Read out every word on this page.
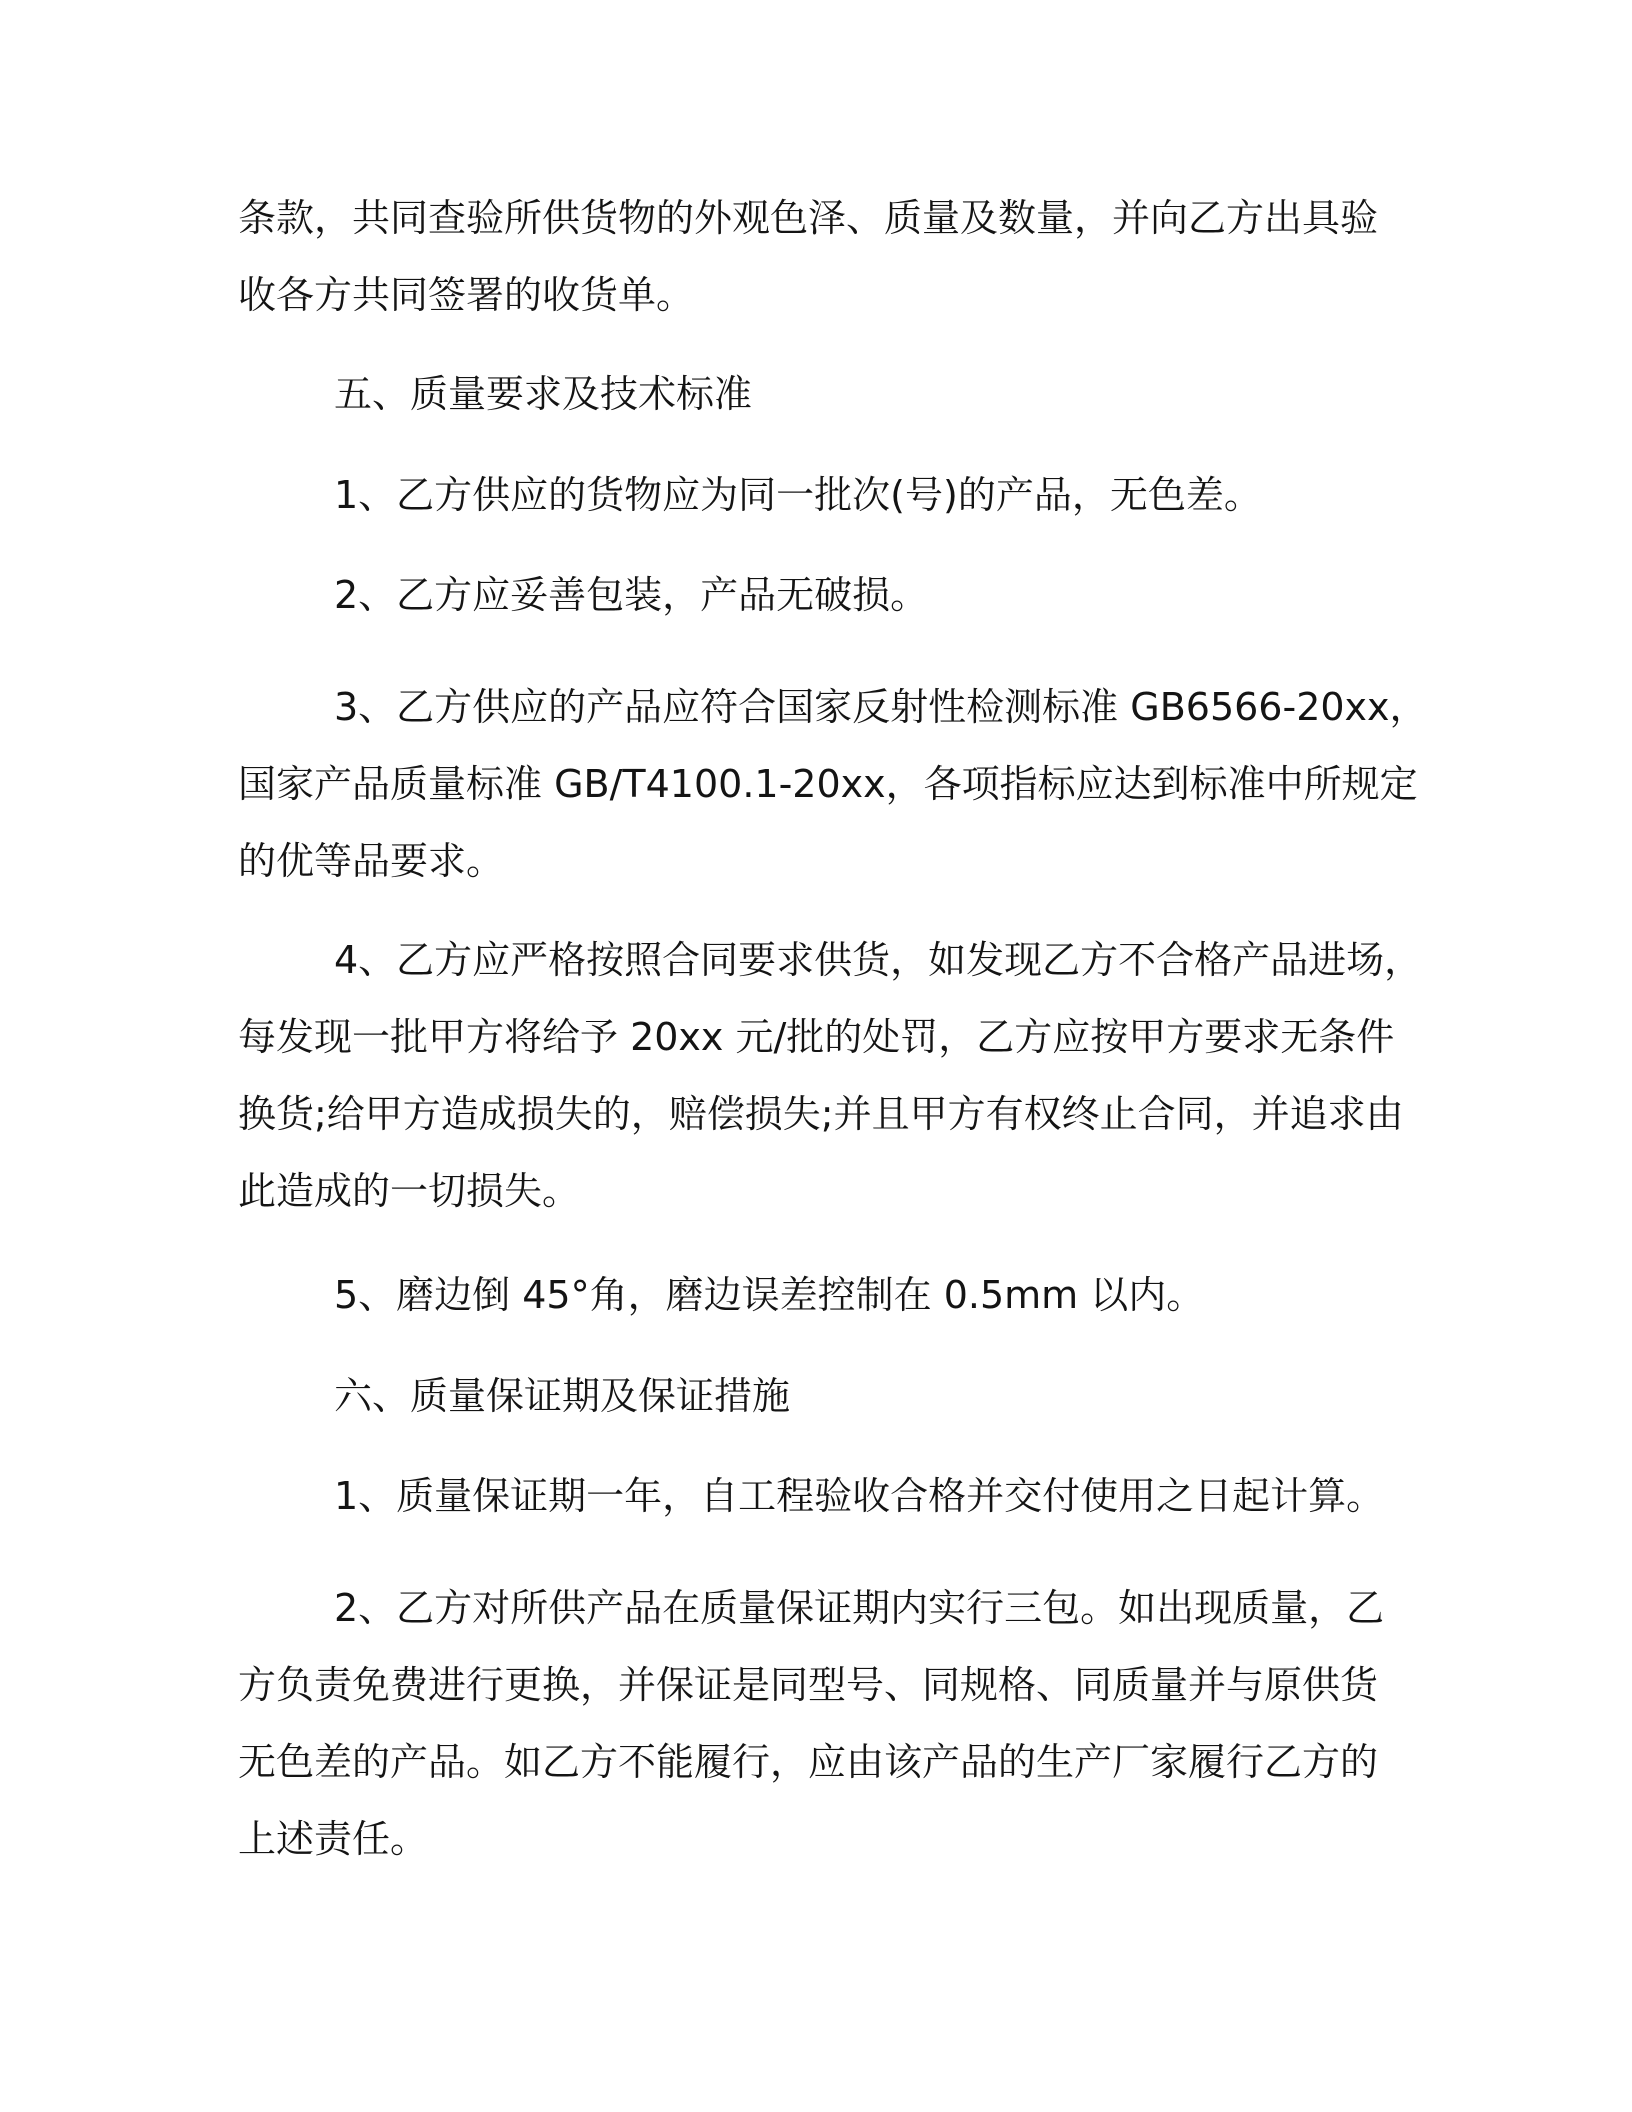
条款，共同查验所供货物的外观色泽、质量及数量，并向乙方出具验
收各方共同签署的收货单。

五、质量要求及技术标准

1、乙方供应的货物应为同一批次(号)的产品，无色差。

2、乙方应妥善包装，产品无破损。

3、乙方供应的产品应符合国家反射性检测标准 GB6566-20xx，
国家产品质量标准 GB/T4100.1-20xx，各项指标应达到标准中所规定
的优等品要求。

4、乙方应严格按照合同要求供货，如发现乙方不合格产品进场，
每发现一批甲方将给予 20xx 元/批的处罚，乙方应按甲方要求无条件
换货;给甲方造成损失的，赔偿损失;并且甲方有权终止合同，并追求由
此造成的一切损失。

5、磨边倒 45°角，磨边误差控制在 0.5mm 以内。

六、质量保证期及保证措施

1、质量保证期一年，自工程验收合格并交付使用之日起计算。

2、乙方对所供产品在质量保证期内实行三包。如出现质量，乙
方负责免费进行更换，并保证是同型号、同规格、同质量并与原供货
无色差的产品。如乙方不能履行，应由该产品的生产厂家履行乙方的
上述责任。
